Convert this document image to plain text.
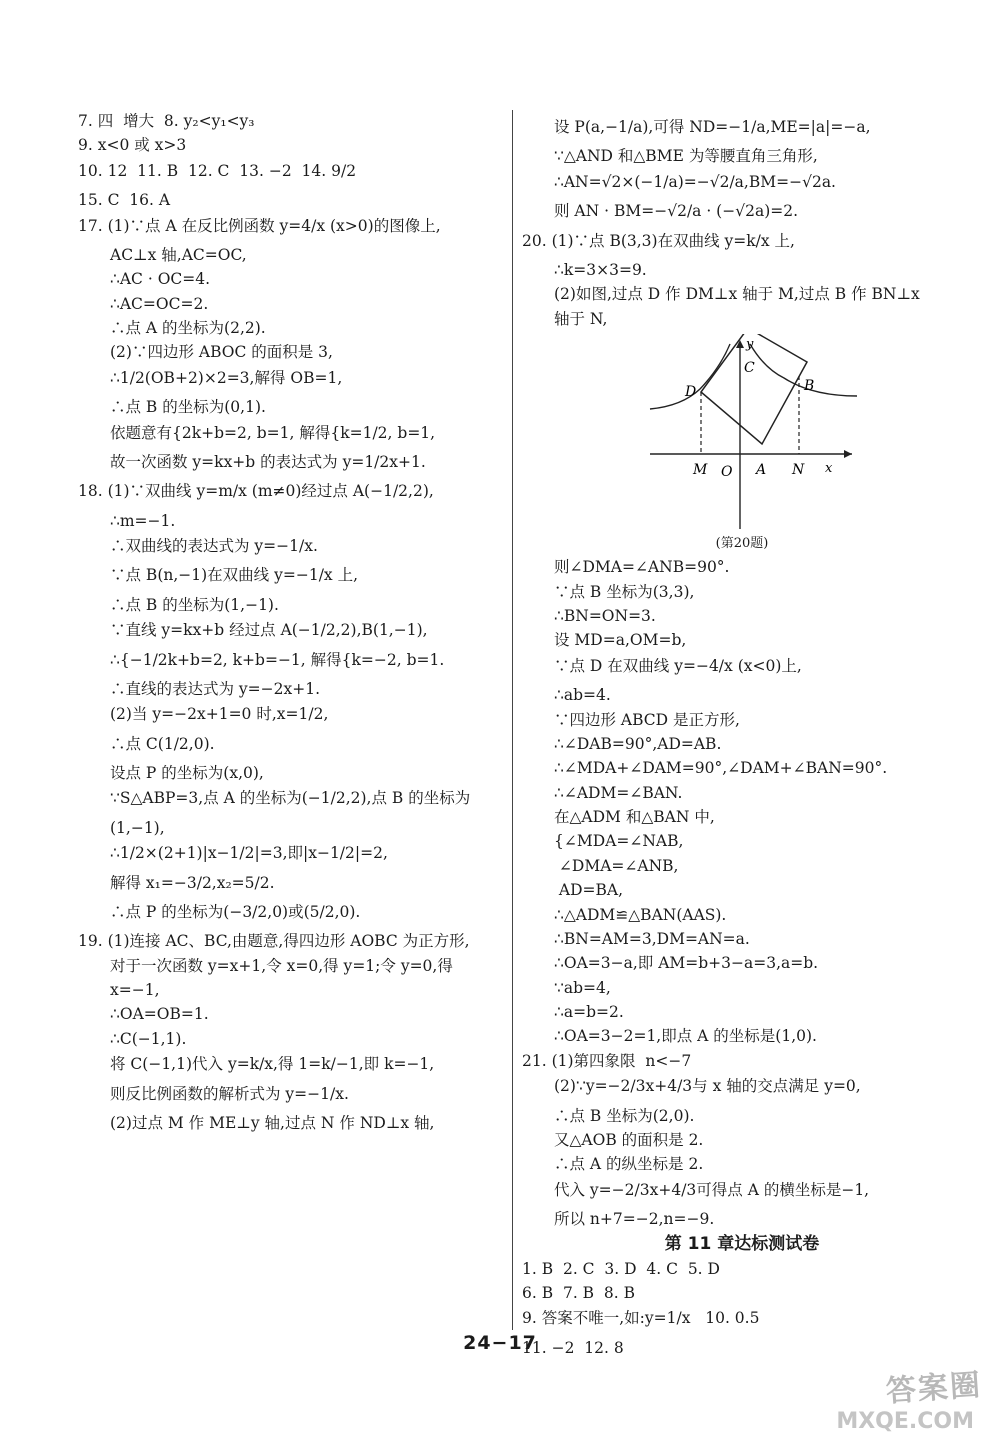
7. 四  增大  8. y₂<y₁<y₃
9. x<0 或 x>3
10. 12  11. B  12. C  13. −2  14. 9/2
15. C  16. A
17. (1)∵点 A 在反比例函数 y=4/x (x>0)的图像上,
AC⊥x 轴,AC=OC,
∴AC · OC=4.
∴AC=OC=2.
∴点 A 的坐标为(2,2).
(2)∵四边形 ABOC 的面积是 3,
∴1/2(OB+2)×2=3,解得 OB=1,
∴点 B 的坐标为(0,1).
依题意有{2k+b=2, b=1, 解得{k=1/2, b=1,
故一次函数 y=kx+b 的表达式为 y=1/2x+1.
18. (1)∵双曲线 y=m/x (m≠0)经过点 A(−1/2,2),
∴m=−1.
∴双曲线的表达式为 y=−1/x.
∵点 B(n,−1)在双曲线 y=−1/x 上,
∴点 B 的坐标为(1,−1).
∵直线 y=kx+b 经过点 A(−1/2,2),B(1,−1),
∴{−1/2k+b=2, k+b=−1, 解得{k=−2, b=1.
∴直线的表达式为 y=−2x+1.
(2)当 y=−2x+1=0 时,x=1/2,
∴点 C(1/2,0).
设点 P 的坐标为(x,0),
∵S△ABP=3,点 A 的坐标为(−1/2,2),点 B 的坐标为
(1,−1),
∴1/2×(2+1)|x−1/2|=3,即|x−1/2|=2,
解得 x₁=−3/2,x₂=5/2.
∴点 P 的坐标为(−3/2,0)或(5/2,0).
19. (1)连接 AC、BC,由题意,得四边形 AOBC 为正方形,
对于一次函数 y=x+1,令 x=0,得 y=1;令 y=0,得
x=−1,
∴OA=OB=1.
∴C(−1,1).
将 C(−1,1)代入 y=k/x,得 1=k/−1,即 k=−1,
则反比例函数的解析式为 y=−1/x.
(2)过点 M 作 ME⊥y 轴,过点 N 作 ND⊥x 轴,
设 P(a,−1/a),可得 ND=−1/a,ME=|a|=−a,
∵△AND 和△BME 为等腰直角三角形,
∴AN=√2×(−1/a)=−√2/a,BM=−√2a.
则 AN · BM=−√2/a · (−√2a)=2.
20. (1)∵点 B(3,3)在双曲线 y=k/x 上,
∴k=3×3=9.
(2)如图,过点 D 作 DM⊥x 轴于 M,过点 B 作 BN⊥x
轴于 N,
y
x
C
B
D
M O A N
(第20题)
则∠DMA=∠ANB=90°.
∵点 B 坐标为(3,3),
∴BN=ON=3.
设 MD=a,OM=b,
∵点 D 在双曲线 y=−4/x (x<0)上,
∴ab=4.
∵四边形 ABCD 是正方形,
∴∠DAB=90°,AD=AB.
∴∠MDA+∠DAM=90°,∠DAM+∠BAN=90°.
∴∠ADM=∠BAN.
在△ADM 和△BAN 中,
{∠MDA=∠NAB,
∠DMA=∠ANB,
AD=BA,
∴△ADM≌△BAN(AAS).
∴BN=AM=3,DM=AN=a.
∴OA=3−a,即 AM=b+3−a=3,a=b.
∵ab=4,
∴a=b=2.
∴OA=3−2=1,即点 A 的坐标是(1,0).
21. (1)第四象限  n<−7
(2)∵y=−2/3x+4/3与 x 轴的交点满足 y=0,
∴点 B 坐标为(2,0).
又△AOB 的面积是 2.
∴点 A 的纵坐标是 2.
代入 y=−2/3x+4/3可得点 A 的横坐标是−1,
所以 n+7=−2,n=−9.
第 11 章达标测试卷
1. B  2. C  3. D  4. C  5. D
6. B  7. B  8. B
9. 答案不唯一,如:y=1/x   10. 0.5
11. −2  12. 8
24−17
答案圈
MXQE.COM
